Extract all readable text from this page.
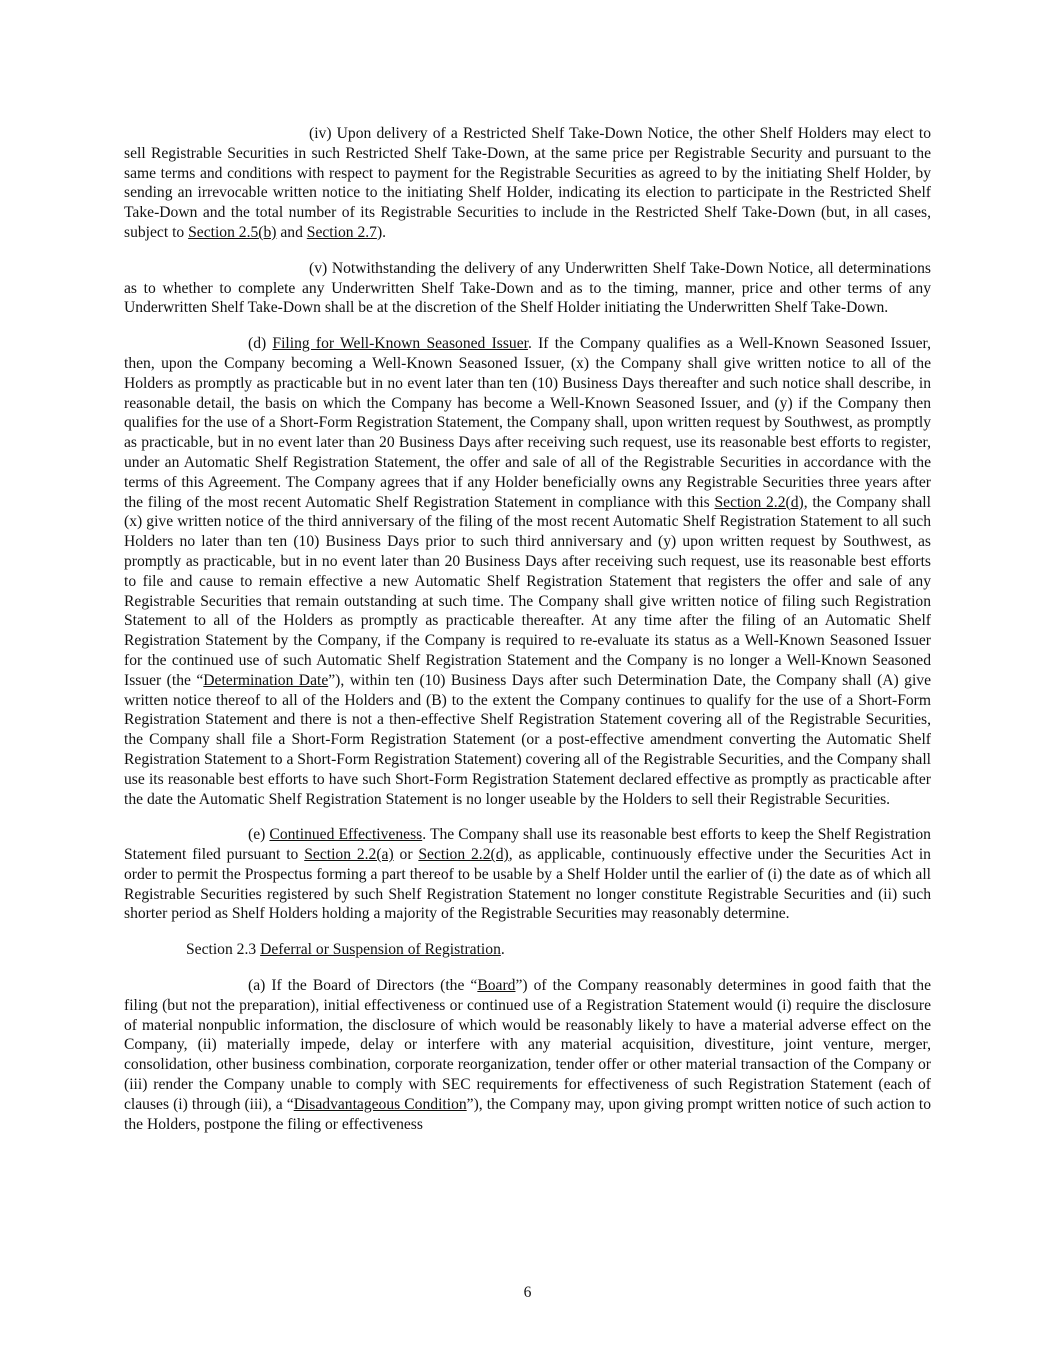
(iv) Upon delivery of a Restricted Shelf Take-Down Notice, the other Shelf Holders may elect to sell Registrable Securities in such Restricted Shelf Take-Down, at the same price per Registrable Security and pursuant to the same terms and conditions with respect to payment for the Registrable Securities as agreed to by the initiating Shelf Holder, by sending an irrevocable written notice to the initiating Shelf Holder, indicating its election to participate in the Restricted Shelf Take-Down and the total number of its Registrable Securities to include in the Restricted Shelf Take-Down (but, in all cases, subject to Section 2.5(b) and Section 2.7).

(v) Notwithstanding the delivery of any Underwritten Shelf Take-Down Notice, all determinations as to whether to complete any Underwritten Shelf Take-Down and as to the timing, manner, price and other terms of any Underwritten Shelf Take-Down shall be at the discretion of the Shelf Holder initiating the Underwritten Shelf Take-Down.

(d) Filing for Well-Known Seasoned Issuer. If the Company qualifies as a Well-Known Seasoned Issuer, then, upon the Company becoming a Well-Known Seasoned Issuer, (x) the Company shall give written notice to all of the Holders as promptly as practicable but in no event later than ten (10) Business Days thereafter and such notice shall describe, in reasonable detail, the basis on which the Company has become a Well-Known Seasoned Issuer, and (y) if the Company then qualifies for the use of a Short-Form Registration Statement, the Company shall, upon written request by Southwest, as promptly as practicable, but in no event later than 20 Business Days after receiving such request, use its reasonable best efforts to register, under an Automatic Shelf Registration Statement, the offer and sale of all of the Registrable Securities in accordance with the terms of this Agreement. The Company agrees that if any Holder beneficially owns any Registrable Securities three years after the filing of the most recent Automatic Shelf Registration Statement in compliance with this Section 2.2(d), the Company shall (x) give written notice of the third anniversary of the filing of the most recent Automatic Shelf Registration Statement to all such Holders no later than ten (10) Business Days prior to such third anniversary and (y) upon written request by Southwest, as promptly as practicable, but in no event later than 20 Business Days after receiving such request, use its reasonable best efforts to file and cause to remain effective a new Automatic Shelf Registration Statement that registers the offer and sale of any Registrable Securities that remain outstanding at such time. The Company shall give written notice of filing such Registration Statement to all of the Holders as promptly as practicable thereafter. At any time after the filing of an Automatic Shelf Registration Statement by the Company, if the Company is required to re-evaluate its status as a Well-Known Seasoned Issuer for the continued use of such Automatic Shelf Registration Statement and the Company is no longer a Well-Known Seasoned Issuer (the “Determination Date”), within ten (10) Business Days after such Determination Date, the Company shall (A) give written notice thereof to all of the Holders and (B) to the extent the Company continues to qualify for the use of a Short-Form Registration Statement and there is not a then-effective Shelf Registration Statement covering all of the Registrable Securities, the Company shall file a Short-Form Registration Statement (or a post-effective amendment converting the Automatic Shelf Registration Statement to a Short-Form Registration Statement) covering all of the Registrable Securities, and the Company shall use its reasonable best efforts to have such Short-Form Registration Statement declared effective as promptly as practicable after the date the Automatic Shelf Registration Statement is no longer useable by the Holders to sell their Registrable Securities.

(e) Continued Effectiveness. The Company shall use its reasonable best efforts to keep the Shelf Registration Statement filed pursuant to Section 2.2(a) or Section 2.2(d), as applicable, continuously effective under the Securities Act in order to permit the Prospectus forming a part thereof to be usable by a Shelf Holder until the earlier of (i) the date as of which all Registrable Securities registered by such Shelf Registration Statement no longer constitute Registrable Securities and (ii) such shorter period as Shelf Holders holding a majority of the Registrable Securities may reasonably determine.

Section 2.3 Deferral or Suspension of Registration.

(a) If the Board of Directors (the “Board”) of the Company reasonably determines in good faith that the filing (but not the preparation), initial effectiveness or continued use of a Registration Statement would (i) require the disclosure of material nonpublic information, the disclosure of which would be reasonably likely to have a material adverse effect on the Company, (ii) materially impede, delay or interfere with any material acquisition, divestiture, joint venture, merger, consolidation, other business combination, corporate reorganization, tender offer or other material transaction of the Company or (iii) render the Company unable to comply with SEC requirements for effectiveness of such Registration Statement (each of clauses (i) through (iii), a “Disadvantageous Condition”), the Company may, upon giving prompt written notice of such action to the Holders, postpone the filing or effectiveness

6
